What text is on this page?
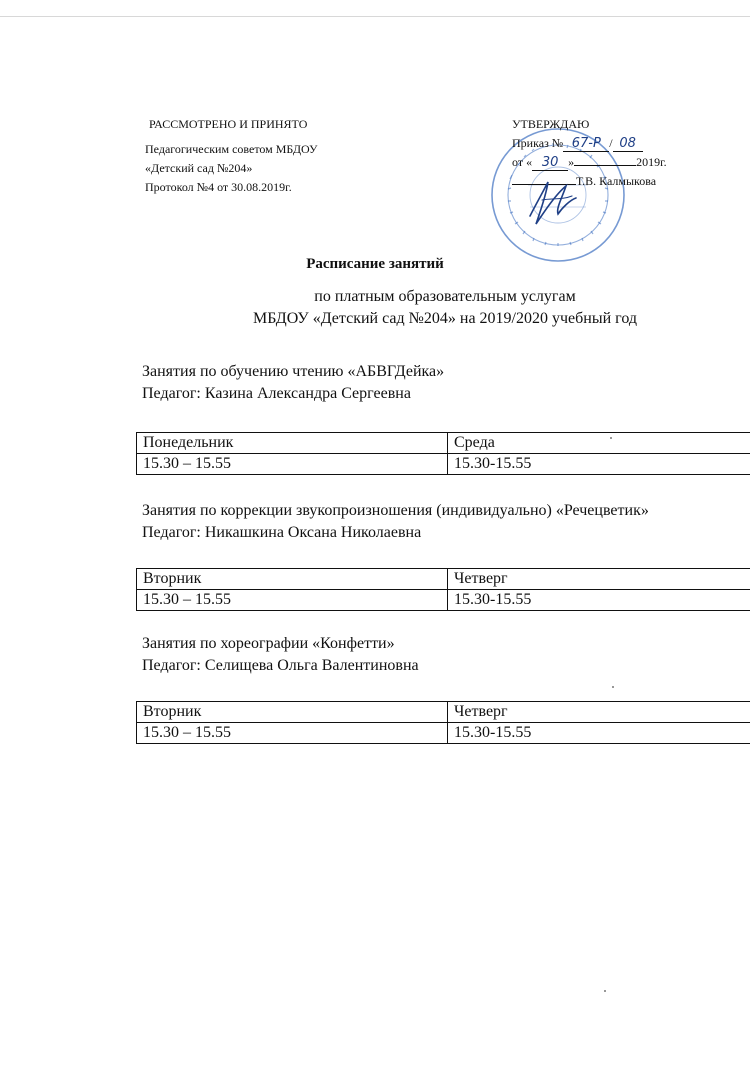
РАССМОТРЕНО И ПРИНЯТО
Педагогическим советом МБДОУ
«Детский сад №204»
Протокол №4 от 30.08.2019г.
УТВЕРЖДАЮ
Приказ № 67-Р / 08
от « 30 »	2019г.
Т.В. Калмыкова
Расписание занятий
по платным образовательным услугам
МБДОУ «Детский сад №204» на 2019/2020 учебный год
Занятия по обучению чтению «АБВГДейка»
Педагог: Казина Александра Сергеевна
Понедельник	Среда
15.30 – 15.55	15.30-15.55
Занятия по коррекции звукопроизношения (индивидуально) «Речецветик»
Педагог: Никашкина Оксана Николаевна
Вторник	Четверг
15.30 – 15.55	15.30-15.55
Занятия по хореографии «Конфетти»
Педагог: Селищева Ольга Валентиновна
Вторник	Четверг
15.30 – 15.55	15.30-15.55
